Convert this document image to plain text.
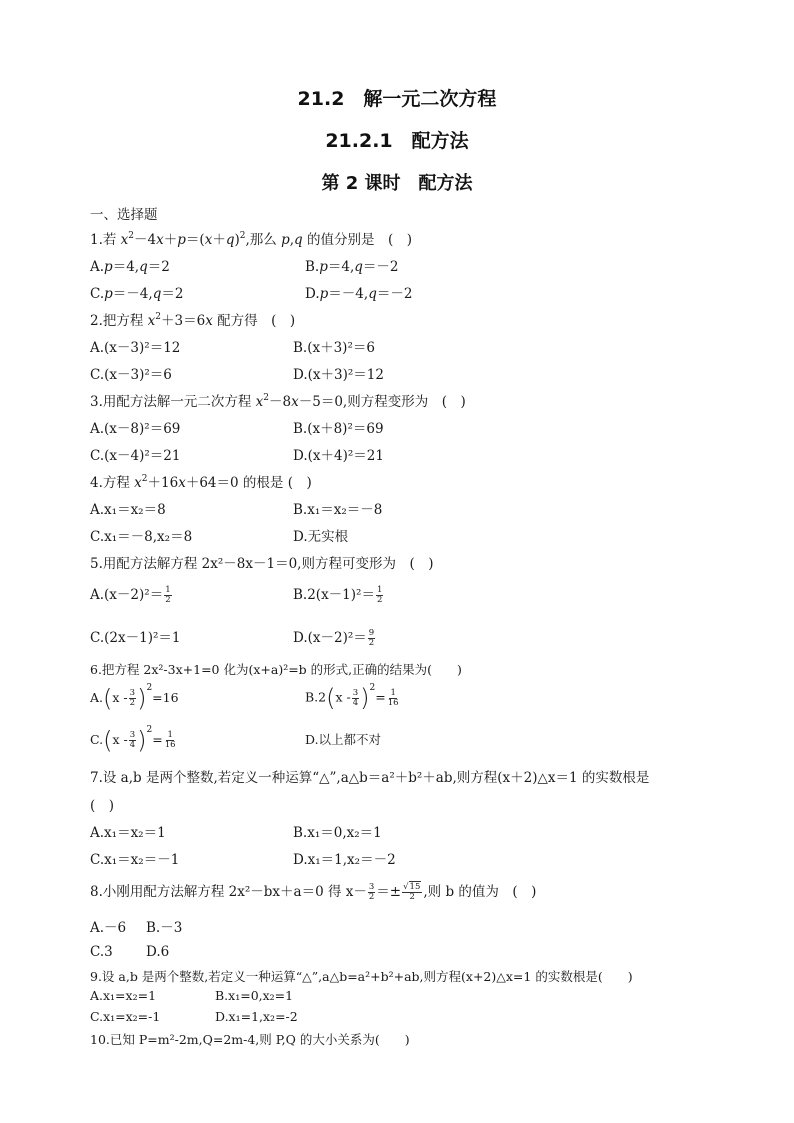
21.2　解一元二次方程
21.2.1　配方法
第 2 课时　配方法
一、选择题
1.若 $x^2-4x+p=(x+q)^2$,那么 p,q 的值分别是　(　)
A.p＝4,q＝2	B.p＝4,q＝－2
C.p＝－4,q＝2	D.p＝－4,q＝－2
2.把方程 $x^2+3=6x$ 配方得　(　)
A.(x－3)²＝12	B.(x＋3)²＝6
C.(x－3)²＝6	D.(x＋3)²＝12
3.用配方法解一元二次方程 $x^2-8x-5=0$,则方程变形为　(　)
A.(x－8)²＝69	B.(x＋8)²＝69
C.(x－4)²＝21	D.(x＋4)²＝21
4.方程 $x^2+16x+64=0$ 的根是 (　)
A.x₁＝x₂＝8	B.x₁＝x₂＝－8
C.x₁＝－8,x₂＝8	D.无实根
5.用配方法解方程 2x²－8x－1＝0,则方程可变形为　(　)
$A.(x-2)^2= \frac{1}{2}$	$B.2(x-1)^2= \frac{1}{2}$
C.(2x－1)²＝1	$D.(x-2)^2= \frac{9}{2}$
6.把方程 2x²-3x+1=0 化为(x+a)²=b 的形式,正确的结果为(　　)
$A.(x - \frac{3}{2} )^2=16$	$B.2(x - \frac{3}{4} )^2= \frac{1}{16}$
$C.(x - \frac{3}{4} )^2= \frac{1}{16}$	D.以上都不对
7.设 a,b 是两个整数,若定义一种运算“△”,a△b＝a²＋b²＋ab,则方程(x＋2)△x＝1 的实数根是
(　)
A.x₁＝x₂＝1	B.x₁＝0,x₂＝1
C.x₁＝x₂＝－1	D.x₁＝1,x₂＝－2
8.小刚用配方法解方程 2x²－bx＋a＝0 得 $x- \frac{3}{2} =\pm \frac{√15}{2}$ ,则 b 的值为　(　)
A.－6 B.－3
C.3 D.6
9.设 a,b 是两个整数,若定义一种运算“△”,a△b=a²+b²+ab,则方程(x+2)△x=1 的实数根是(　　)
A.x₁=x₂=1	B.x₁=0,x₂=1
C.x₁=x₂=-1	D.x₁=1,x₂=-2
10.已知 P=m²-2m,Q=2m-4,则 P,Q 的大小关系为(　　)
